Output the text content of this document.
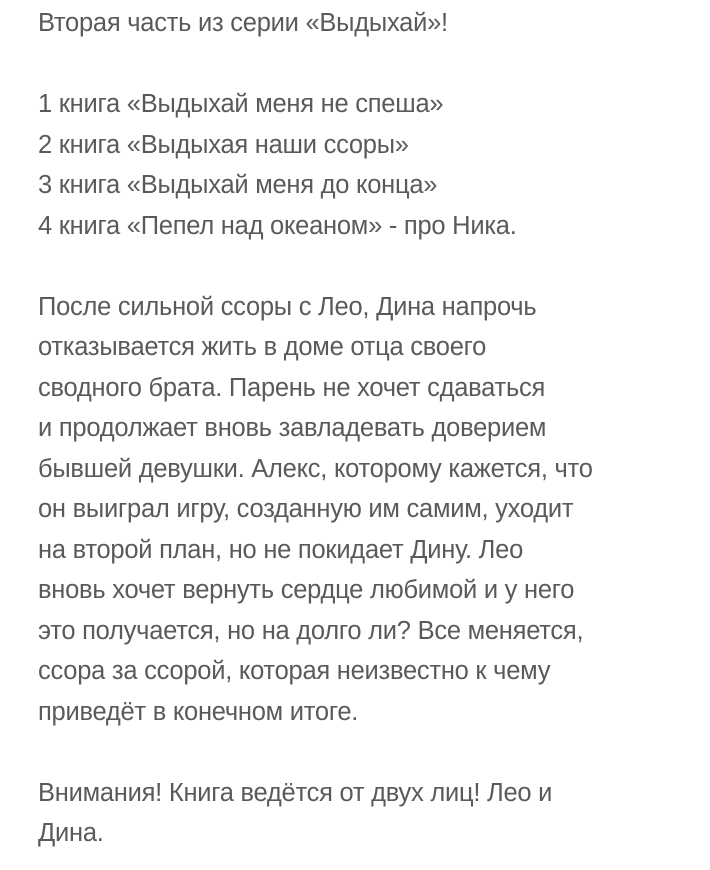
Вторая часть из серии «Выдыхай»!
1 книга «Выдыхай меня не спеша»
2 книга «Выдыхая наши ссоры»
3 книга «Выдыхай меня до конца»
4 книга «Пепел над океаном» - про Ника.
После сильной ссоры с Лео, Дина напрочь
отказывается жить в доме отца своего
сводного брата. Парень не хочет сдаваться
и продолжает вновь завладевать доверием
бывшей девушки. Алекс, которому кажется, что
он выиграл игру, созданную им самим, уходит
на второй план, но не покидает Дину. Лео
вновь хочет вернуть сердце любимой и у него
это получается, но на долго ли? Все меняется,
ссора за ссорой, которая неизвестно к чему
приведёт в конечном итоге.
Внимания! Книга ведётся от двух лиц! Лео и
Дина.
